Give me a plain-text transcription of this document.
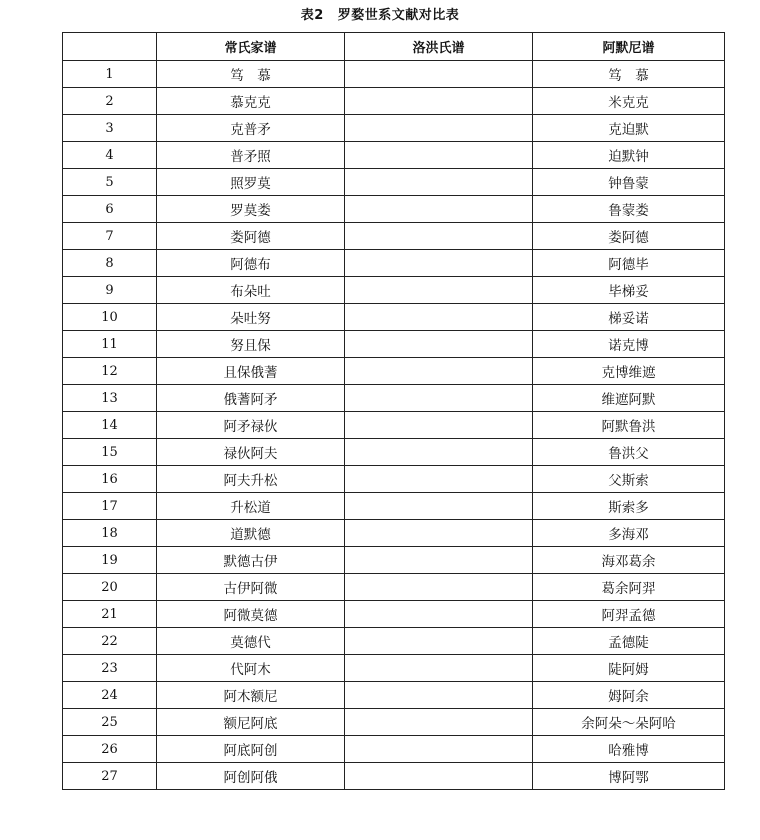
表2 罗婺世系文献对比表
	常氏家谱	洛洪氏谱	阿默尼谱
1	笃　慕		笃　慕
2	慕克克		米克克
3	克普矛		克迫默
4	普矛照		迫默钟
5	照罗莫		钟鲁蒙
6	罗莫娄		鲁蒙娄
7	娄阿德		娄阿德
8	阿德布		阿德毕
9	布朵吐		毕梯妥
10	朵吐努		梯妥诺
11	努且保		诺克博
12	且保俄蓍		克博维遮
13	俄蓍阿矛		维遮阿默
14	阿矛禄伙		阿默鲁洪
15	禄伙阿夫		鲁洪父
16	阿夫升松		父斯索
17	升松道		斯索多
18	道默德		多海邓
19	默德古伊		海邓葛余
20	古伊阿微		葛余阿羿
21	阿微莫德		阿羿孟德
22	莫德代		孟德陡
23	代阿木		陡阿姆
24	阿木额尼		姆阿余
25	额尼阿底		余阿朵～朵阿哈
26	阿底阿创		哈雅博
27	阿创阿俄		博阿鄂
